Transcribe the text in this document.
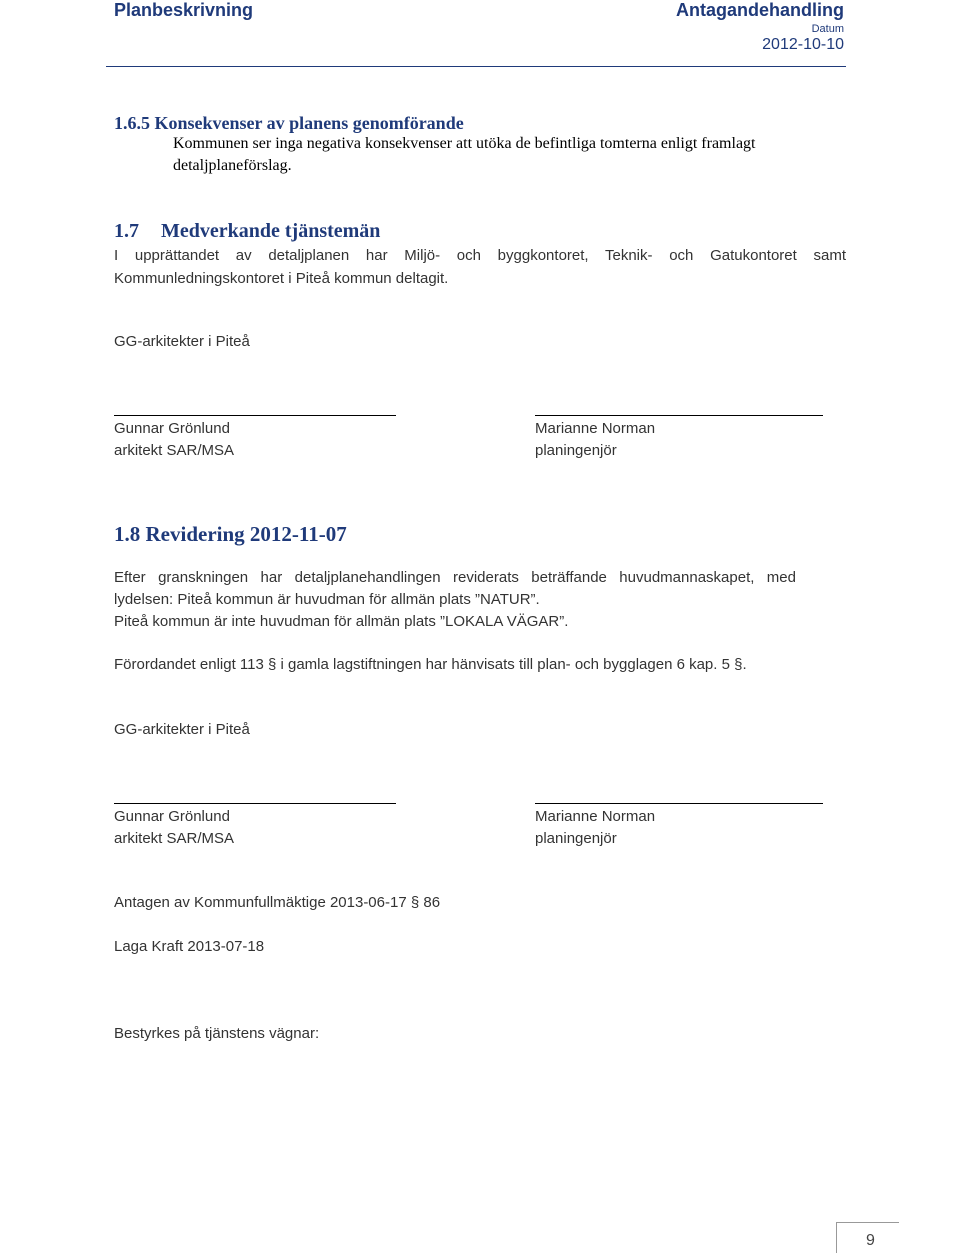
Planbeskrivning	Antagandehandling
Datum
2012-10-10
1.6.5 Konsekvenser av planens genomförande
Kommunen ser inga negativa konsekvenser att utöka de befintliga tomterna enligt framlagt
detaljplaneförslag.
1.7 Medverkande tjänstemän
I upprättandet av detaljplanen har Miljö- och byggkontoret, Teknik- och Gatukontoret samt
Kommunledningskontoret i Piteå kommun deltagit.
GG-arkitekter i Piteå
Gunnar Grönlund
arkitekt SAR/MSA
Marianne Norman
planingenjör
1.8 Revidering 2012-11-07
Efter granskningen har detaljplanehandlingen reviderats beträffande huvudmannaskapet, med
lydelsen: Piteå kommun är huvudman för allmän plats ”NATUR”.
Piteå kommun är inte huvudman för allmän plats ”LOKALA VÄGAR”.
Förordandet enligt 113 § i gamla lagstiftningen har hänvisats till plan- och bygglagen 6 kap. 5 §.
GG-arkitekter i Piteå
Gunnar Grönlund
arkitekt SAR/MSA
Marianne Norman
planingenjör
Antagen av Kommunfullmäktige 2013-06-17 § 86
Laga Kraft 2013-07-18
Bestyrkes på tjänstens vägnar:
9
